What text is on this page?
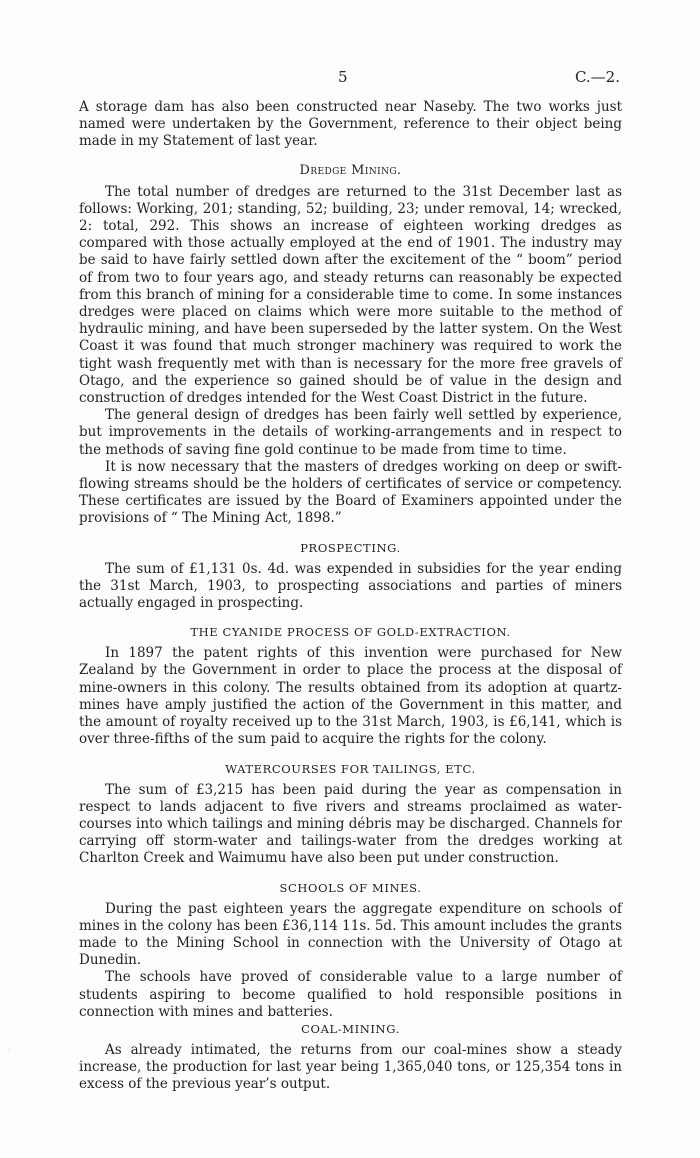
5	C.—2.

A storage dam has also been constructed near Naseby. The two works just named were undertaken by the Government, reference to their object being made in my Statement of last year.

Dredge Mining.

The total number of dredges are returned to the 31st December last as follows: Working, 201; standing, 52; building, 23; under removal, 14; wrecked, 2: total, 292. This shows an increase of eighteen working dredges as compared with those actually employed at the end of 1901. The industry may be said to have fairly settled down after the excitement of the “ boom” period of from two to four years ago, and steady returns can reasonably be expected from this branch of mining for a considerable time to come. In some instances dredges were placed on claims which were more suitable to the method of hydraulic mining, and have been superseded by the latter system. On the West Coast it was found that much stronger machinery was required to work the tight wash frequently met with than is necessary for the more free gravels of Otago, and the experience so gained should be of value in the design and construction of dredges intended for the West Coast District in the future.

The general design of dredges has been fairly well settled by experience, but improvements in the details of working-arrangements and in respect to the methods of saving fine gold continue to be made from time to time.

It is now necessary that the masters of dredges working on deep or swift-flowing streams should be the holders of certificates of service or competency. These certificates are issued by the Board of Examiners appointed under the provisions of “ The Mining Act, 1898.”

PROSPECTING.

The sum of £1,131 0s. 4d. was expended in subsidies for the year ending the 31st March, 1903, to prospecting associations and parties of miners actually engaged in prospecting.

THE CYANIDE PROCESS OF GOLD-EXTRACTION.

In 1897 the patent rights of this invention were purchased for New Zealand by the Government in order to place the process at the disposal of mine-owners in this colony. The results obtained from its adoption at quartz-mines have amply justified the action of the Government in this matter, and the amount of royalty received up to the 31st March, 1903, is £6,141, which is over three-fifths of the sum paid to acquire the rights for the colony.

WATERCOURSES FOR TAILINGS, ETC.

The sum of £3,215 has been paid during the year as compensation in respect to lands adjacent to five rivers and streams proclaimed as water-courses into which tailings and mining débris may be discharged. Channels for carrying off storm-water and tailings-water from the dredges working at Charlton Creek and Waimumu have also been put under construction.

SCHOOLS OF MINES.

During the past eighteen years the aggregate expenditure on schools of mines in the colony has been £36,114 11s. 5d. This amount includes the grants made to the Mining School in connection with the University of Otago at Dunedin.

The schools have proved of considerable value to a large number of students aspiring to become qualified to hold responsible positions in connection with mines and batteries.

COAL-MINING.

As already intimated, the returns from our coal-mines show a steady increase, the production for last year being 1,365,040 tons, or 125,354 tons in excess of the previous year’s output.

·
